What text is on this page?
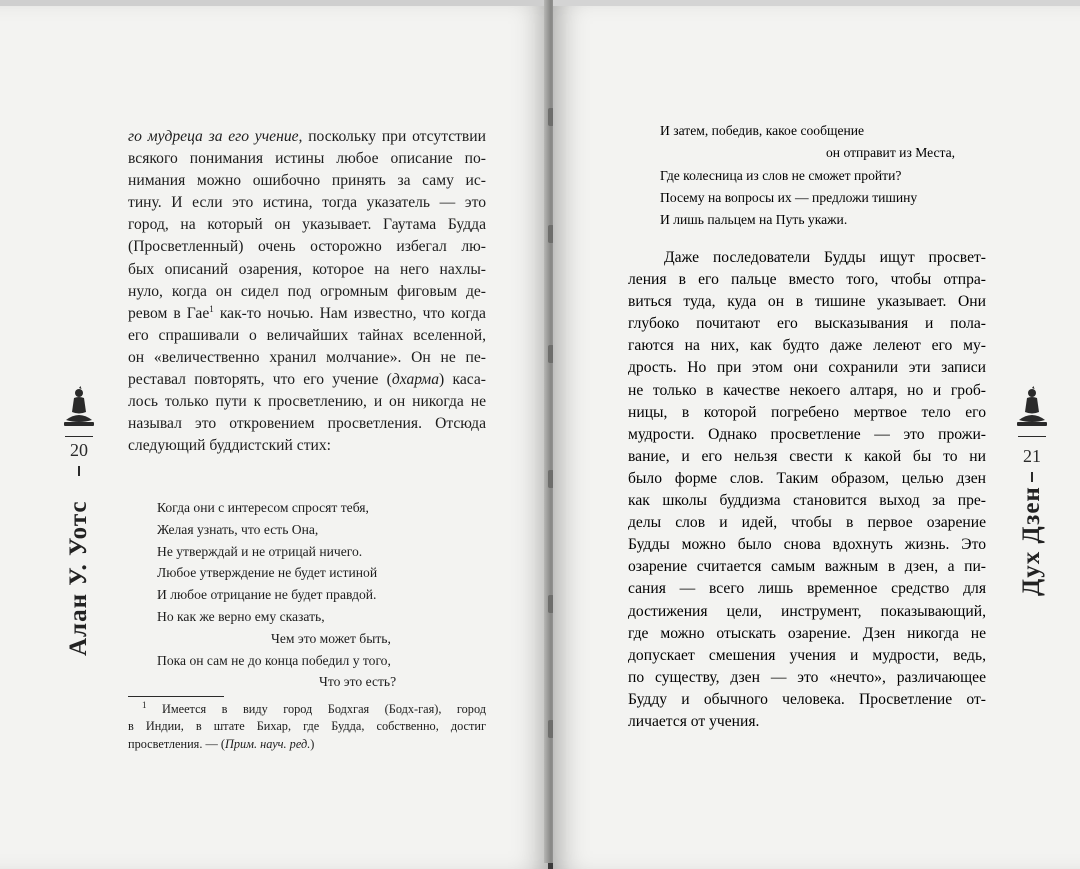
20
Алан У. Уотс
го мудреца за его учение, поскольку при отсутствии
всякого понимания истины любое описание по-
нимания можно ошибочно принять за саму ис-
тину. И если это истина, тогда указатель — это
город, на который он указывает. Гаутама Будда
(Просветленный) очень осторожно избегал лю-
бых описаний озарения, которое на него нахлы-
нуло, когда он сидел под огромным фиговым де-
ревом в Гае$^1$ как-то ночью. Нам известно, что когда
его спрашивали о величайших тайнах вселенной,
он «величественно хранил молчание». Он не пе-
реставал повторять, что его учение (дхарма) каса-
лось только пути к просветлению, и он никогда не
называл это откровением просветления. Отсюда
следующий буддистский стих:
Когда они с интересом спросят тебя,
Желая узнать, что есть Она,
Не утверждай и не отрицай ничего.
Любое утверждение не будет истиной
И любое отрицание не будет правдой.
Но как же верно ему сказать,
Чем это может быть,
Пока он сам не до конца победил у того,
Что это есть?
$^1$ Имеется в виду город Бодхгая (Бодх-гая), город
в Индии, в штате Бихар, где Будда, собственно, достиг
просветления. — (Прим. науч. ред.)
21
Дух Дзен
И затем, победив, какое сообщение
он отправит из Места,
Где колесница из слов не сможет пройти?
Посему на вопросы их — предложи тишину
И лишь пальцем на Путь укажи.
Даже последователи Будды ищут просвет-
ления в его пальце вместо того, чтобы отпра-
виться туда, куда он в тишине указывает. Они
глубоко почитают его высказывания и пола-
гаются на них, как будто даже лелеют его му-
дрость. Но при этом они сохранили эти записи
не только в качестве некоего алтаря, но и гроб-
ницы, в которой погребено мертвое тело его
мудрости. Однако просветление — это прожи-
вание, и его нельзя свести к какой бы то ни
было форме слов. Таким образом, целью дзен
как школы буддизма становится выход за пре-
делы слов и идей, чтобы в первое озарение
Будды можно было снова вдохнуть жизнь. Это
озарение считается самым важным в дзен, а пи-
сания — всего лишь временное средство для
достижения цели, инструмент, показывающий,
где можно отыскать озарение. Дзен никогда не
допускает смешения учения и мудрости, ведь,
по существу, дзен — это «нечто», различающее
Будду и обычного человека. Просветление от-
личается от учения.
